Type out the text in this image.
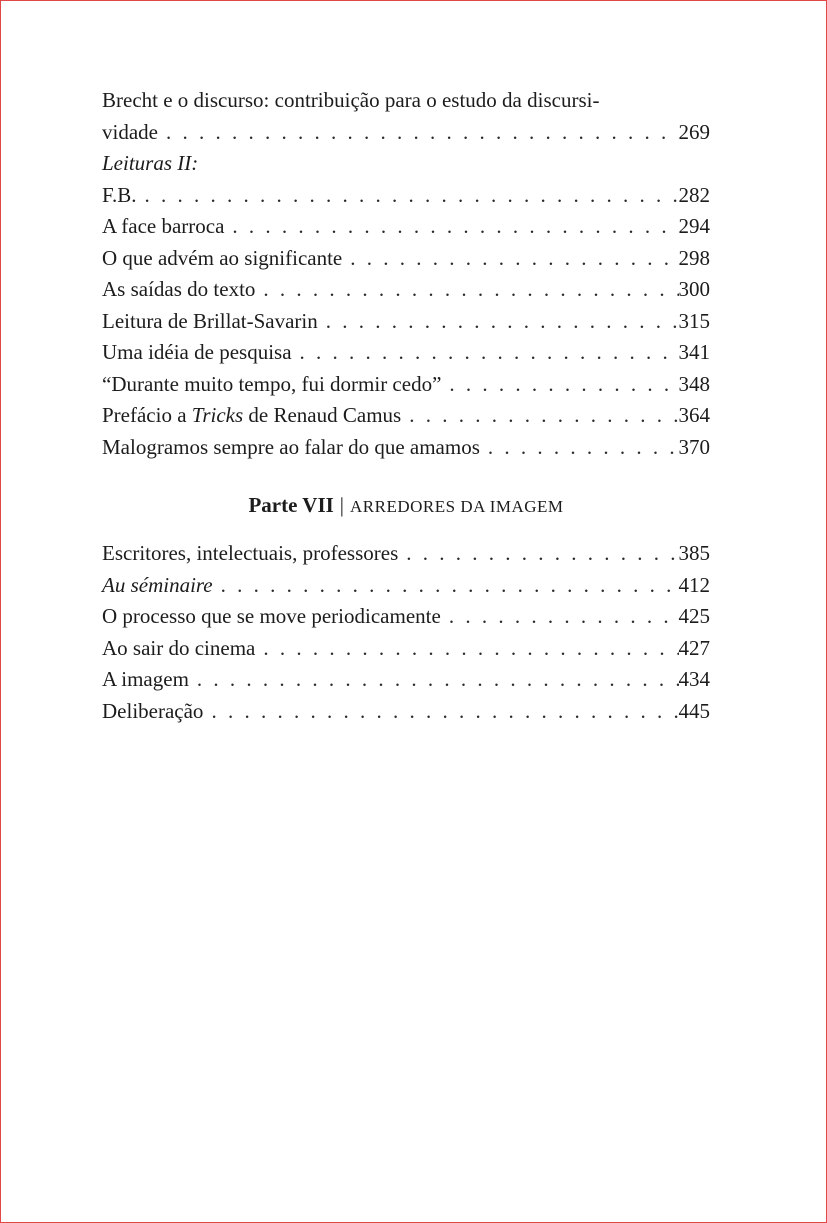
Brecht e o discurso: contribuição para o estudo da discursi-
vidade . . .	269
Leituras II:
F.B. . . .	282
A face barroca . . .	294
O que advém ao significante . . .	298
As saídas do texto . . .	300
Leitura de Brillat-Savarin . . .	315
Uma idéia de pesquisa . . .	341
“Durante muito tempo, fui dormir cedo” . . .	348
Prefácio a Tricks de Renaud Camus . . .	364
Malogramos sempre ao falar do que amamos . . .	370
Parte VII | ARREDORES DA IMAGEM
Escritores, intelectuais, professores . . .	385
Au séminaire . . .	412
O processo que se move periodicamente . . .	425
Ao sair do cinema . . .	427
A imagem . . .	434
Deliberação . . .	445
